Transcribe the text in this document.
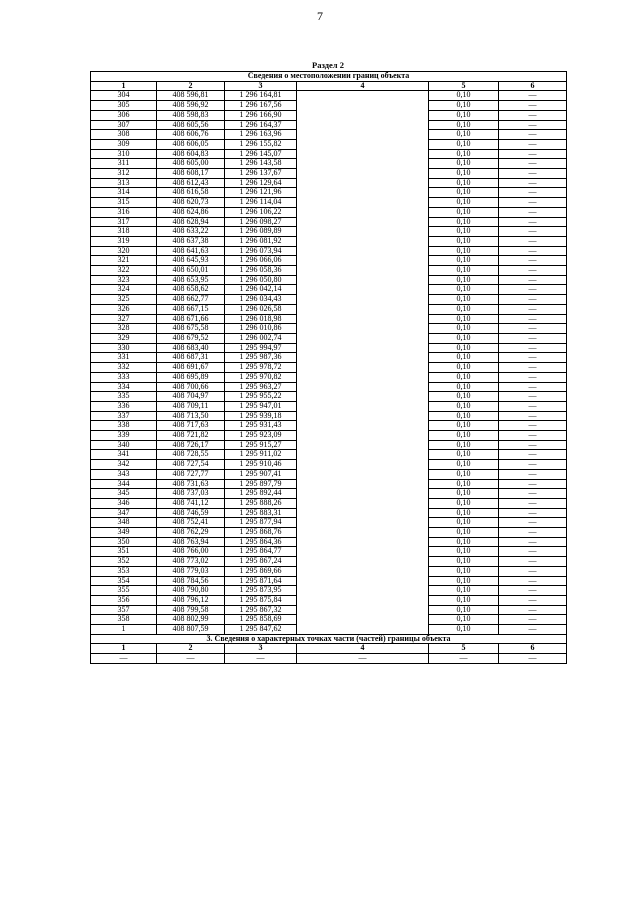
7
Раздел 2
Сведения о местоположении границ объекта					
1	2	3	4	5	6
304	408 596,81	1 296 164,81		0,10	—
305	408 596,92	1 296 167,56		0,10	—
306	408 598,83	1 296 166,90		0,10	—
307	408 605,56	1 296 164,37		0,10	—
308	408 606,76	1 296 163,96		0,10	—
309	408 606,05	1 296 155,82		0,10	—
310	408 604,83	1 296 145,07		0,10	—
311	408 605,00	1 296 143,58		0,10	—
312	408 608,17	1 296 137,67		0,10	—
313	408 612,43	1 296 129,64		0,10	—
314	408 616,58	1 296 121,96		0,10	—
315	408 620,73	1 296 114,04		0,10	—
316	408 624,86	1 296 106,22		0,10	—
317	408 628,94	1 296 098,27		0,10	—
318	408 633,22	1 296 089,89		0,10	—
319	408 637,38	1 296 081,92		0,10	—
320	408 641,63	1 296 073,94		0,10	—
321	408 645,93	1 296 066,06		0,10	—
322	408 650,01	1 296 058,36		0,10	—
323	408 653,95	1 296 050,80		0,10	—
324	408 658,62	1 296 042,14		0,10	—
325	408 662,77	1 296 034,43		0,10	—
326	408 667,15	1 296 026,58		0,10	—
327	408 671,66	1 296 018,98		0,10	—
328	408 675,58	1 296 010,86		0,10	—
329	408 679,52	1 296 002,74		0,10	—
330	408 683,40	1 295 994,97		0,10	—
331	408 687,31	1 295 987,36		0,10	—
332	408 691,67	1 295 978,72		0,10	—
333	408 695,89	1 295 970,82		0,10	—
334	408 700,66	1 295 963,27		0,10	—
335	408 704,97	1 295 955,22		0,10	—
336	408 709,11	1 295 947,01		0,10	—
337	408 713,50	1 295 939,18		0,10	—
338	408 717,63	1 295 931,43		0,10	—
339	408 721,82	1 295 923,09		0,10	—
340	408 726,17	1 295 915,27		0,10	—
341	408 728,55	1 295 911,02		0,10	—
342	408 727,54	1 295 910,46		0,10	—
343	408 727,77	1 295 907,41		0,10	—
344	408 731,63	1 295 897,79		0,10	—
345	408 737,03	1 295 892,44		0,10	—
346	408 741,12	1 295 888,26		0,10	—
347	408 746,59	1 295 883,31		0,10	—
348	408 752,41	1 295 877,94		0,10	—
349	408 762,29	1 295 868,76		0,10	—
350	408 763,94	1 295 864,36		0,10	—
351	408 766,00	1 295 864,77		0,10	—
352	408 773,02	1 295 867,24		0,10	—
353	408 779,03	1 295 869,66		0,10	—
354	408 784,56	1 295 871,64		0,10	—
355	408 790,80	1 295 873,95		0,10	—
356	408 796,12	1 295 875,84		0,10	—
357	408 799,58	1 295 867,32		0,10	—
358	408 802,99	1 295 858,69		0,10	—
1	408 807,59	1 295 847,62		0,10	—
3. Сведения о характерных точках части (частей) границы объекта					
1	2	3	4	5	6
—	—	—	—	—	—
